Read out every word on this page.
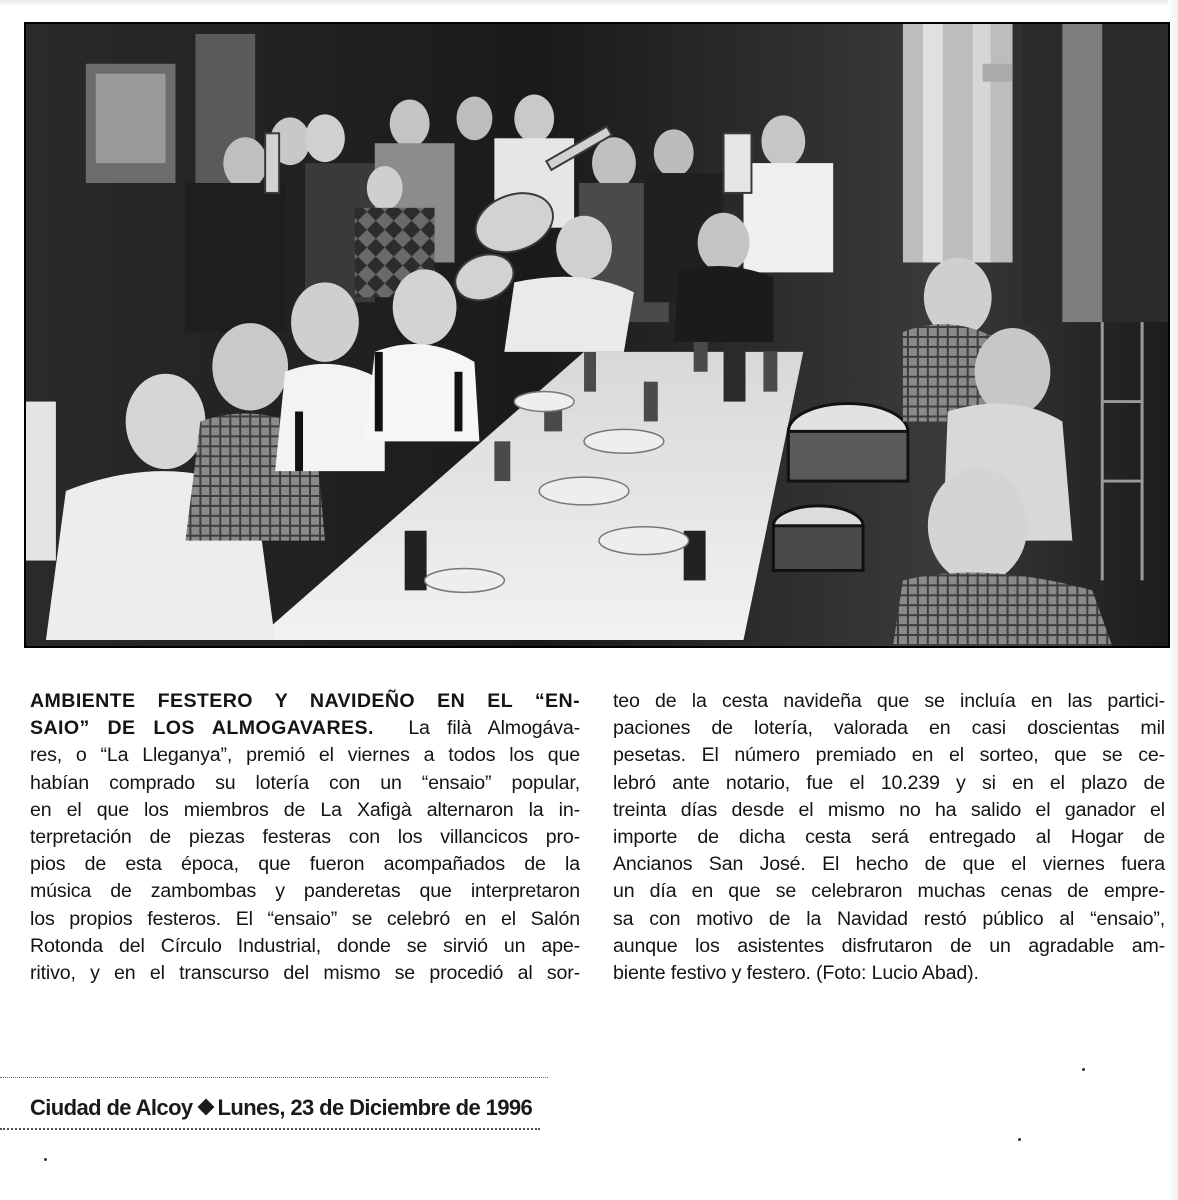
AMBIENTE FESTERO Y NAVIDEÑO EN EL “EN-
SAIO” DE LOS ALMOGAVARES. La filà Almogáva-
res, o “La Lleganya”, premió el viernes a todos los que
habían comprado su lotería con un “ensaio” popular,
en el que los miembros de La Xafigà alternaron la in-
terpretación de piezas festeras con los villancicos pro-
pios de esta época, que fueron acompañados de la
música de zambombas y panderetas que interpretaron
los propios festeros. El “ensaio” se celebró en el Salón
Rotonda del Círculo Industrial, donde se sirvió un ape-
ritivo, y en el transcurso del mismo se procedió al sor-
teo de la cesta navideña que se incluía en las partici-
paciones de lotería, valorada en casi doscientas mil
pesetas. El número premiado en el sorteo, que se ce-
lebró ante notario, fue el 10.239 y si en el plazo de
treinta días desde el mismo no ha salido el ganador el
importe de dicha cesta será entregado al Hogar de
Ancianos San José. El hecho de que el viernes fuera
un día en que se celebraron muchas cenas de empre-
sa con motivo de la Navidad restó público al “ensaio”,
aunque los asistentes disfrutaron de un agradable am-
biente festivo y festero. (Foto: Lucio Abad).
Ciudad de Alcoy Lunes, 23 de Diciembre de 1996
